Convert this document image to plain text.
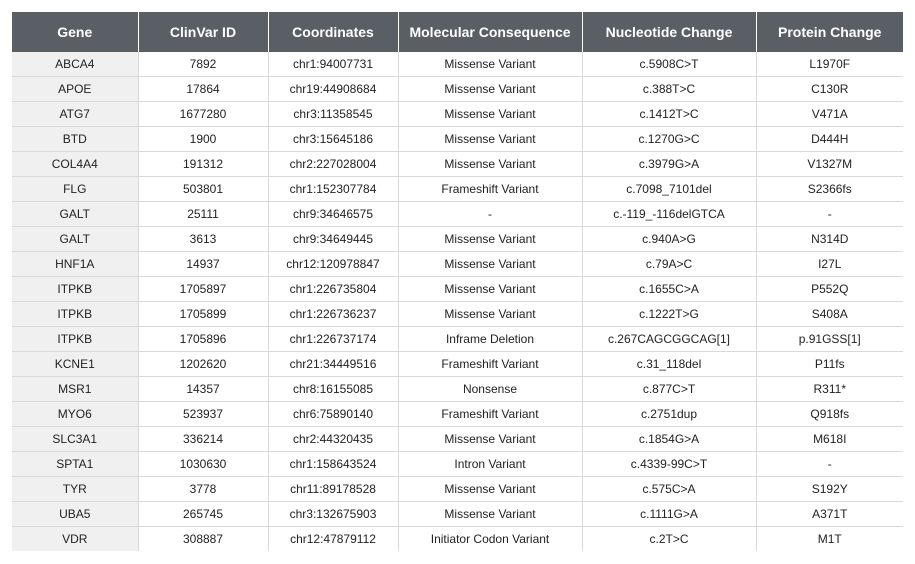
Gene	ClinVar ID	Coordinates	Molecular Consequence	Nucleotide Change	Protein Change
ABCA4	7892	chr1:94007731	Missense Variant	c.5908C>T	L1970F
APOE	17864	chr19:44908684	Missense Variant	c.388T>C	C130R
ATG7	1677280	chr3:11358545	Missense Variant	c.1412T>C	V471A
BTD	1900	chr3:15645186	Missense Variant	c.1270G>C	D444H
COL4A4	191312	chr2:227028004	Missense Variant	c.3979G>A	V1327M
FLG	503801	chr1:152307784	Frameshift Variant	c.7098_7101del	S2366fs
GALT	25111	chr9:34646575	-	c.-119_-116delGTCA	-
GALT	3613	chr9:34649445	Missense Variant	c.940A>G	N314D
HNF1A	14937	chr12:120978847	Missense Variant	c.79A>C	I27L
ITPKB	1705897	chr1:226735804	Missense Variant	c.1655C>A	P552Q
ITPKB	1705899	chr1:226736237	Missense Variant	c.1222T>G	S408A
ITPKB	1705896	chr1:226737174	Inframe Deletion	c.267CAGCGGCAG[1]	p.91GSS[1]
KCNE1	1202620	chr21:34449516	Frameshift Variant	c.31_118del	P11fs
MSR1	14357	chr8:16155085	Nonsense	c.877C>T	R311*
MYO6	523937	chr6:75890140	Frameshift Variant	c.2751dup	Q918fs
SLC3A1	336214	chr2:44320435	Missense Variant	c.1854G>A	M618I
SPTA1	1030630	chr1:158643524	Intron Variant	c.4339-99C>T	-
TYR	3778	chr11:89178528	Missense Variant	c.575C>A	S192Y
UBA5	265745	chr3:132675903	Missense Variant	c.1111G>A	A371T
VDR	308887	chr12:47879112	Initiator Codon Variant	c.2T>C	M1T
